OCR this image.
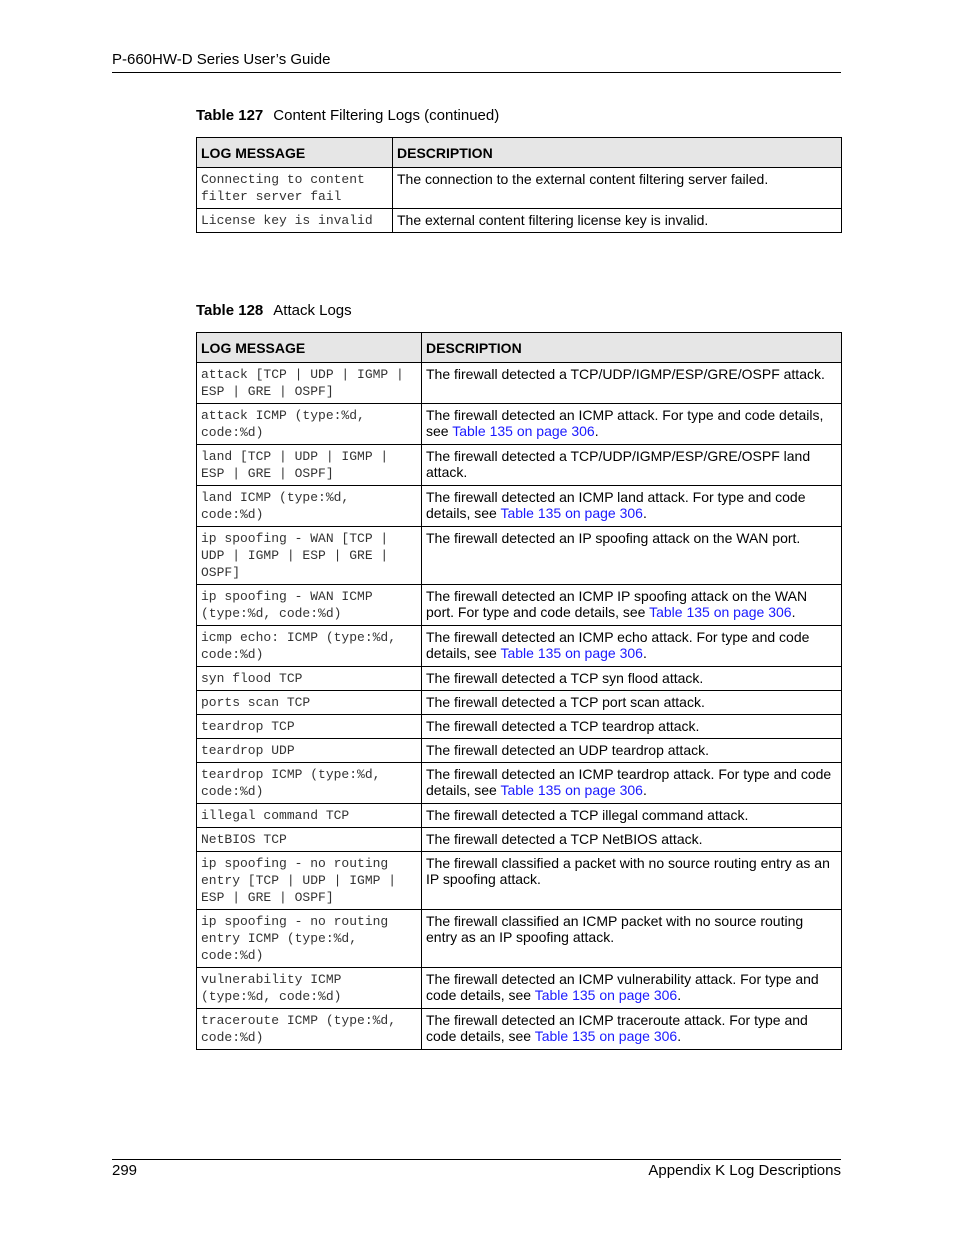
P-660HW-D Series User’s Guide
Table 127 Content Filtering Logs (continued)
LOG MESSAGE	DESCRIPTION
Connecting to content filter server fail	The connection to the external content filtering server failed.
License key is invalid	The external content filtering license key is invalid.
Table 128 Attack Logs
LOG MESSAGE	DESCRIPTION
attack [TCP | UDP | IGMP | ESP | GRE | OSPF]	The firewall detected a TCP/UDP/IGMP/ESP/GRE/OSPF attack.
attack ICMP (type:%d, code:%d)	The firewall detected an ICMP attack. For type and code details, see Table 135 on page 306.
land [TCP | UDP | IGMP | ESP | GRE | OSPF]	The firewall detected a TCP/UDP/IGMP/ESP/GRE/OSPF land attack.
land ICMP (type:%d, code:%d)	The firewall detected an ICMP land attack. For type and code details, see Table 135 on page 306.
ip spoofing - WAN [TCP | UDP | IGMP | ESP | GRE | OSPF]	The firewall detected an IP spoofing attack on the WAN port.
ip spoofing - WAN ICMP (type:%d, code:%d)	The firewall detected an ICMP IP spoofing attack on the WAN port. For type and code details, see Table 135 on page 306.
icmp echo: ICMP (type:%d, code:%d)	The firewall detected an ICMP echo attack. For type and code details, see Table 135 on page 306.
syn flood TCP	The firewall detected a TCP syn flood attack.
ports scan TCP	The firewall detected a TCP port scan attack.
teardrop TCP	The firewall detected a TCP teardrop attack.
teardrop UDP	The firewall detected an UDP teardrop attack.
teardrop ICMP (type:%d, code:%d)	The firewall detected an ICMP teardrop attack. For type and code details, see Table 135 on page 306.
illegal command TCP	The firewall detected a TCP illegal command attack.
NetBIOS TCP	The firewall detected a TCP NetBIOS attack.
ip spoofing - no routing entry [TCP | UDP | IGMP | ESP | GRE | OSPF]	The firewall classified a packet with no source routing entry as an IP spoofing attack.
ip spoofing - no routing entry ICMP (type:%d, code:%d)	The firewall classified an ICMP packet with no source routing entry as an IP spoofing attack.
vulnerability ICMP (type:%d, code:%d)	The firewall detected an ICMP vulnerability attack. For type and code details, see Table 135 on page 306.
traceroute ICMP (type:%d, code:%d)	The firewall detected an ICMP traceroute attack. For type and code details, see Table 135 on page 306.
299	Appendix K Log Descriptions
